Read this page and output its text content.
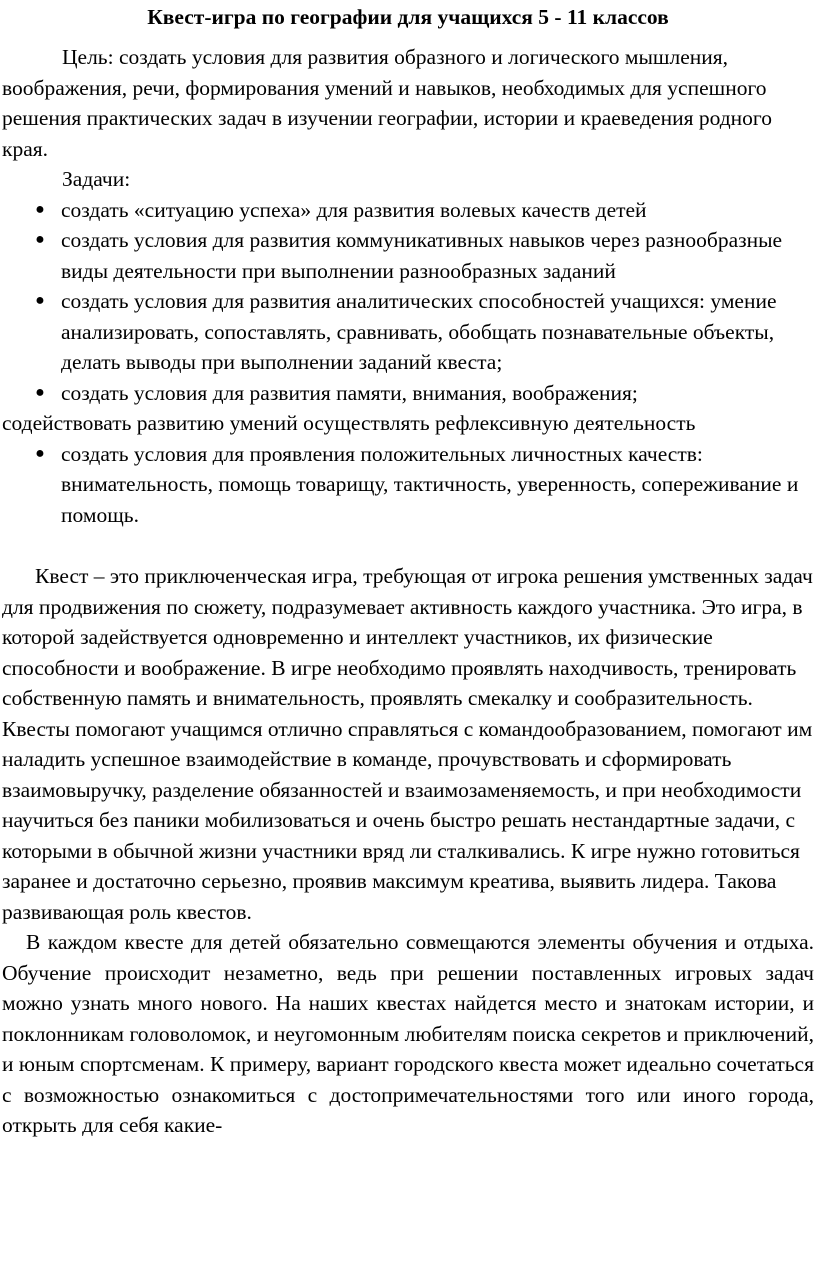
Квест-игра по географии для учащихся 5 - 11 классов

Цель: создать условия для развития образного и логического мышления, воображения, речи, формирования умений и навыков, необходимых для успешного решения практических задач в изучении географии, истории и краеведения родного края.

Задачи:

● создать «ситуацию успеха» для развития волевых качеств детей
● создать условия для развития коммуникативных навыков через разнообразные виды деятельности при выполнении разнообразных заданий
● создать условия для развития аналитических способностей учащихся: умение анализировать, сопоставлять, сравнивать, обобщать познавательные объекты, делать выводы при выполнении заданий квеста;
● создать условия для развития памяти, внимания, воображения;
содействовать развитию умений осуществлять рефлексивную деятельность
● создать условия для проявления положительных личностных качеств: внимательность, помощь товарищу, тактичность, уверенность, сопереживание и помощь.

Квест – это приключенческая игра, требующая от игрока решения умственных задач для продвижения по сюжету, подразумевает активность каждого участника. Это игра, в которой задействуется одновременно и интеллект участников, их физические способности и воображение. В игре необходимо проявлять находчивость, тренировать собственную память и внимательность, проявлять смекалку и сообразительность. Квесты помогают учащимся отлично справляться с командообразованием, помогают им наладить успешное взаимодействие в команде, прочувствовать и сформировать взаимовыручку, разделение обязанностей и взаимозаменяемость, и при необходимости научиться без паники мобилизоваться и очень быстро решать нестандартные задачи, с которыми в обычной жизни участники вряд ли сталкивались. К игре нужно готовиться заранее и достаточно серьезно, проявив максимум креатива, выявить лидера. Такова развивающая роль квестов.

В каждом квесте для детей обязательно совмещаются элементы обучения и отдыха. Обучение происходит незаметно, ведь при решении поставленных игровых задач можно узнать много нового. На наших квестах найдется место и знатокам истории, и поклонникам головоломок, и неугомонным любителям поиска секретов и приключений, и юным спортсменам. К примеру, вариант городского квеста может идеально сочетаться с возможностью ознакомиться с достопримечательностями того или иного города, открыть для себя какие-
